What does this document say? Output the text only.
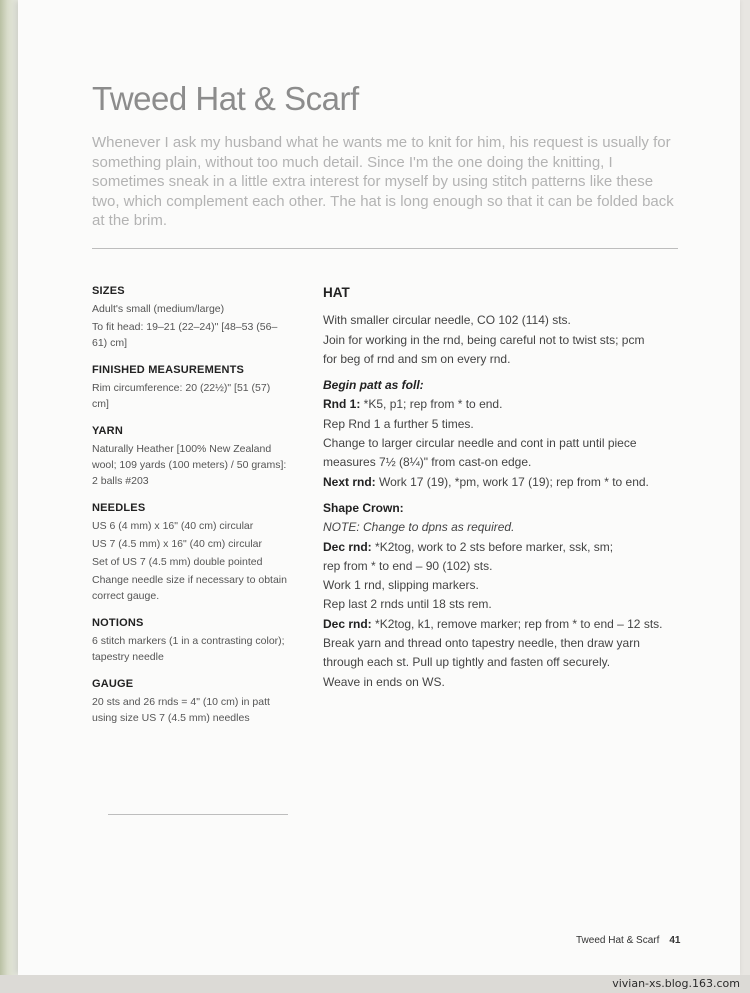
Tweed Hat & Scarf

Whenever I ask my husband what he wants me to knit for him, his request is usually for something plain, without too much detail. Since I'm the one doing the knitting, I sometimes sneak in a little extra interest for myself by using stitch patterns like these two, which complement each other. The hat is long enough so that it can be folded back at the brim.

SIZES
Adult's small (medium/large)
To fit head: 19–21 (22–24)" [48–53 (56–61) cm]
FINISHED MEASUREMENTS
Rim circumference: 20 (22½)" [51 (57) cm]
YARN
Naturally Heather [100% New Zealand wool; 109 yards (100 meters) / 50 grams]: 2 balls #203
NEEDLES
US 6 (4 mm) x 16" (40 cm) circular
US 7 (4.5 mm) x 16" (40 cm) circular
Set of US 7 (4.5 mm) double pointed
Change needle size if necessary to obtain correct gauge.
NOTIONS
6 stitch markers (1 in a contrasting color); tapestry needle
GAUGE
20 sts and 26 rnds = 4" (10 cm) in patt using size US 7 (4.5 mm) needles
HAT

With smaller circular needle, CO 102 (114) sts.

Join for working in the rnd, being careful not to twist sts; pcm

for beg of rnd and sm on every rnd.

Begin patt as foll:

Rnd 1: *K5, p1; rep from * to end.

Rep Rnd 1 a further 5 times.

Change to larger circular needle and cont in patt until piece

measures 7½ (8¼)" from cast-on edge.

Next rnd: Work 17 (19), *pm, work 17 (19); rep from * to end.

Shape Crown:

NOTE: Change to dpns as required.

Dec rnd: *K2tog, work to 2 sts before marker, ssk, sm;

rep from * to end – 90 (102) sts.

Work 1 rnd, slipping markers.

Rep last 2 rnds until 18 sts rem.

Dec rnd: *K2tog, k1, remove marker; rep from * to end – 12 sts.

Break yarn and thread onto tapestry needle, then draw yarn

through each st. Pull up tightly and fasten off securely.

Weave in ends on WS.

Tweed Hat & Scarf 41
vivian-xs.blog.163.com
